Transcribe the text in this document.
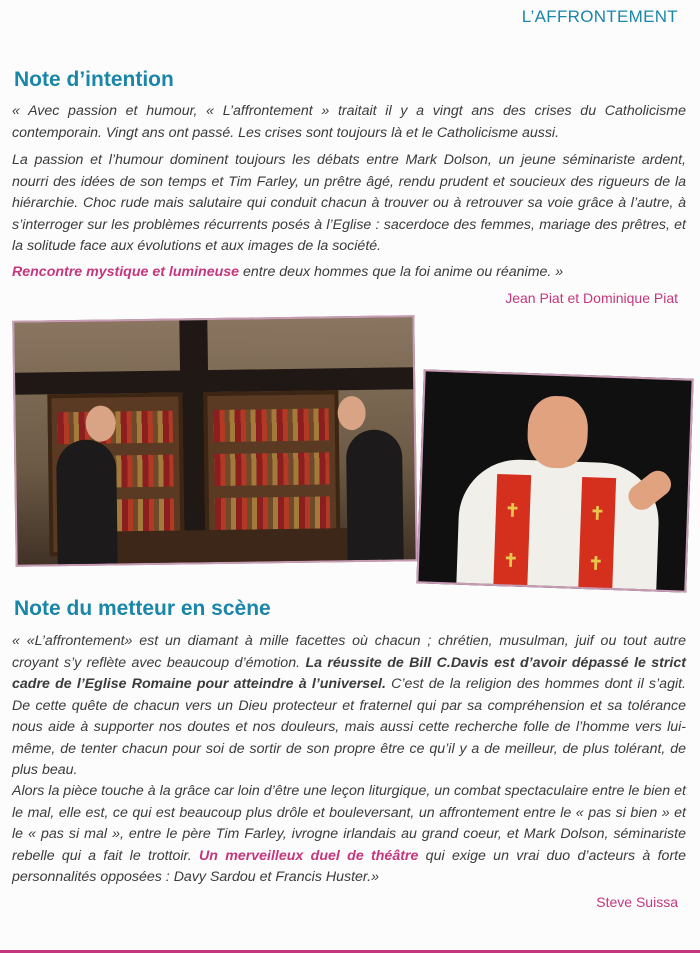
L’AFFRONTEMENT
Note d’intention
« Avec passion et humour, « L’affrontement » traitait il y a vingt ans des crises du Catholicisme contemporain. Vingt ans ont passé. Les crises sont toujours là et le Catholicisme aussi.
La passion et l’humour dominent toujours les débats entre Mark Dolson, un jeune séminariste ardent, nourri des idées de son temps et Tim Farley, un prêtre âgé, rendu prudent et soucieux des rigueurs de la hiérarchie. Choc rude mais salutaire qui conduit chacun à trouver ou à retrouver sa voie grâce à l’autre, à s’interroger sur les problèmes récurrents posés à l’Eglise : sacerdoce des femmes, mariage des prêtres, et la solitude face aux évolutions et aux images de la société.
Rencontre mystique et lumineuse entre deux hommes que la foi anime ou réanime. »
Jean Piat et Dominique Piat
✝	✝
✝	✝
Note du metteur en scène
« «L’affrontement» est un diamant à mille facettes où chacun ; chrétien, musulman, juif ou tout autre croyant s’y reflète avec beaucoup d’émotion. La réussite de Bill C.Davis est d’avoir dépassé le strict cadre de l’Eglise Romaine pour atteindre à l’universel. C’est de la religion des hommes dont il s’agit. De cette quête de chacun vers un Dieu protecteur et fraternel qui par sa compréhension et sa tolérance nous aide à supporter nos doutes et nos douleurs, mais aussi cette recherche folle de l’homme vers lui-même, de tenter chacun pour soi de sortir de son propre être ce qu’il y a de meilleur, de plus tolérant, de plus beau.
Alors la pièce touche à la grâce car loin d’être une leçon liturgique, un combat spectaculaire entre le bien et le mal, elle est, ce qui est beaucoup plus drôle et bouleversant, un affrontement entre le « pas si bien » et le « pas si mal », entre le père Tim Farley, ivrogne irlandais au grand coeur, et Mark Dolson, séminariste rebelle qui a fait le trottoir. Un merveilleux duel de théâtre qui exige un vrai duo d’acteurs à forte personnalités opposées : Davy Sardou et Francis Huster.»
Steve Suissa
